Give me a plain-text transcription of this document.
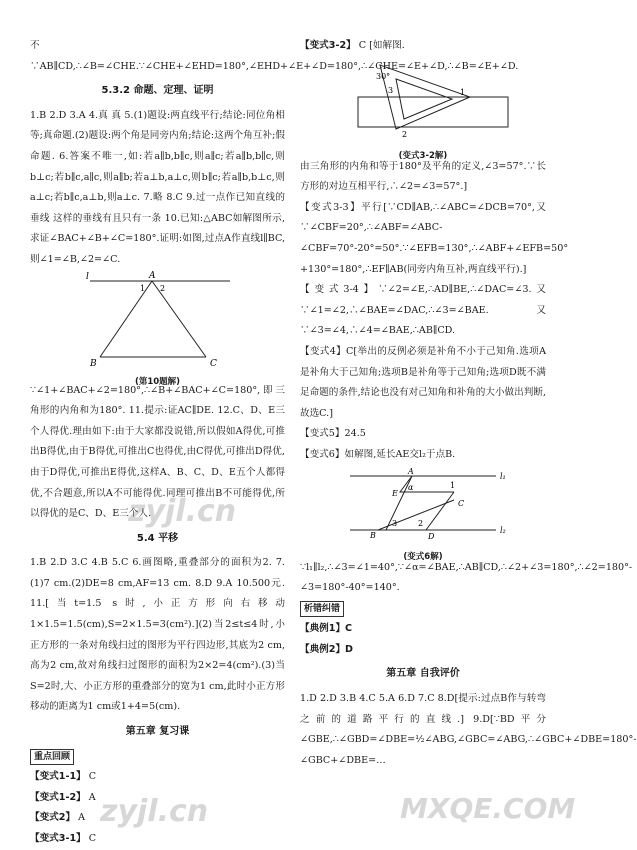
不∵AB∥CD,∴∠B=∠CHE.∵∠CHE+∠EHD=180°,∠EHD+∠E+∠D=180°,∴∠CHE=∠E+∠D,∴∠B=∠E+∠D.

5.3.2 命题、定理、证明

1.B 2.D 3.A 4.真 真 5.(1)题设:两直线平行;结论:同位角相等;真命题.(2)题设:两个角是同旁内角;结论:这两个角互补;假命题. 6.答案不唯一,如:若a∥b,b∥c,则a∥c;若a∥b,b∥c,则b⊥c;若b∥c,a∥c,则a∥b;若a⊥b,a⊥c,则b∥c;若a∥b,b⊥c,则a⊥c;若b∥c,a⊥b,则a⊥c. 7.略 8.C 9.过一点作已知直线的垂线 这样的垂线有且只有一条 10.已知:△ABC如解图所示,求证∠BAC+∠B+∠C=180°.证明:如图,过点A作直线l∥BC,则∠1=∠B,∠2=∠C.

l	A
1 2
B	C
(第10题解)

∵∠1+∠BAC+∠2=180°,∴∠B+∠BAC+∠C=180°,即三角形的内角和为180°. 11.提示:证AC∥DE. 12.C、D、E三个人得优.理由如下:由于大家都没说错,所以假如A得优,可推出B得优,由于B得优,可推出C也得优,由C得优,可推出D得优,由于D得优,可推出E得优,这样A、B、C、D、E五个人都得优,不合题意,所以A不可能得优.同理可推出B不可能得优,所以得优的是C、D、E三个人.

5.4 平移

1.B 2.D 3.C 4.B 5.C 6.画图略,重叠部分的面积为2. 7.(1)7 cm.(2)DE=8 cm,AF=13 cm. 8.D 9.A 10.500元. 11.[当t=1.5 s时,小正方形向右移动1×1.5=1.5(cm),S=2×1.5=3(cm²).](2)当2≤t≤4时,小正方形的一条对角线扫过的图形为平行四边形,其底为2 cm,高为2 cm,故对角线扫过图形的面积为2×2=4(cm²).(3)当S=2时,大、小正方形的重叠部分的宽为1 cm,此时小正方形移动的距离为1 cm或1+4=5(cm).

第五章 复习课
重点回顾
【变式1-1】 C
【变式1-2】 A
【变式2】 A
【变式3-1】 C
【变式3-2】 C [如解图.
30°
3	1
2
(变式3-2解)

由三角形的内角和等于180°及平角的定义,∠3=57°.∵长方形的对边互相平行,∴∠2=∠3=57°.]

【变式3-3】平行[∵CD∥AB,∴∠ABC=∠DCB=70°,又∵∠CBF=20°,∴∠ABF=∠ABC-∠CBF=70°-20°=50°.∵∠EFB=130°,∴∠ABF+∠EFB=50°+130°=180°,∴EF∥AB(同旁内角互补,两直线平行).]

【变式3-4】∵∠2=∠E,∴AD∥BE,∴∠DAC=∠3.又∵∠1=∠2,∴∠BAE=∠DAC,∴∠3=∠BAE.又∵∠3=∠4,∴∠4=∠BAE,∴AB∥CD.

【变式4】C[举出的反例必须是补角不小于己知角.选项A是补角大于己知角;选项B是补角等于己知角;选项D既不满足命题的条件,结论也没有对己知角和补角的大小做出判断,故选C.]

【变式5】24.5

【变式6】如解图,延长AE交l₂于点B.

A
E
α
l₁
1
C
3	2
B	D
l₂
(变式6解)

∵l₁∥l₂,∴∠3=∠1=40°,∵∠α=∠BAE,∴AB∥CD,∴∠2+∠3=180°,∴∠2=180°-∠3=180°-40°=140°.

析错纠错
【典例1】C
【典例2】D
第五章 自我评价

1.D 2.D 3.B 4.C 5.A 6.D 7.C 8.D[提示:过点B作与转弯之前的道路平行的直线.] 9.D[∵BD平分∠GBE,∴∠GBD=∠DBE=½∠ABG,∠GBC=∠ABG,∴∠GBC+∠DBE=180°-∠GBC+∠DBE=…

zyjl.cn
zyjl.cn	MXQE.COM
